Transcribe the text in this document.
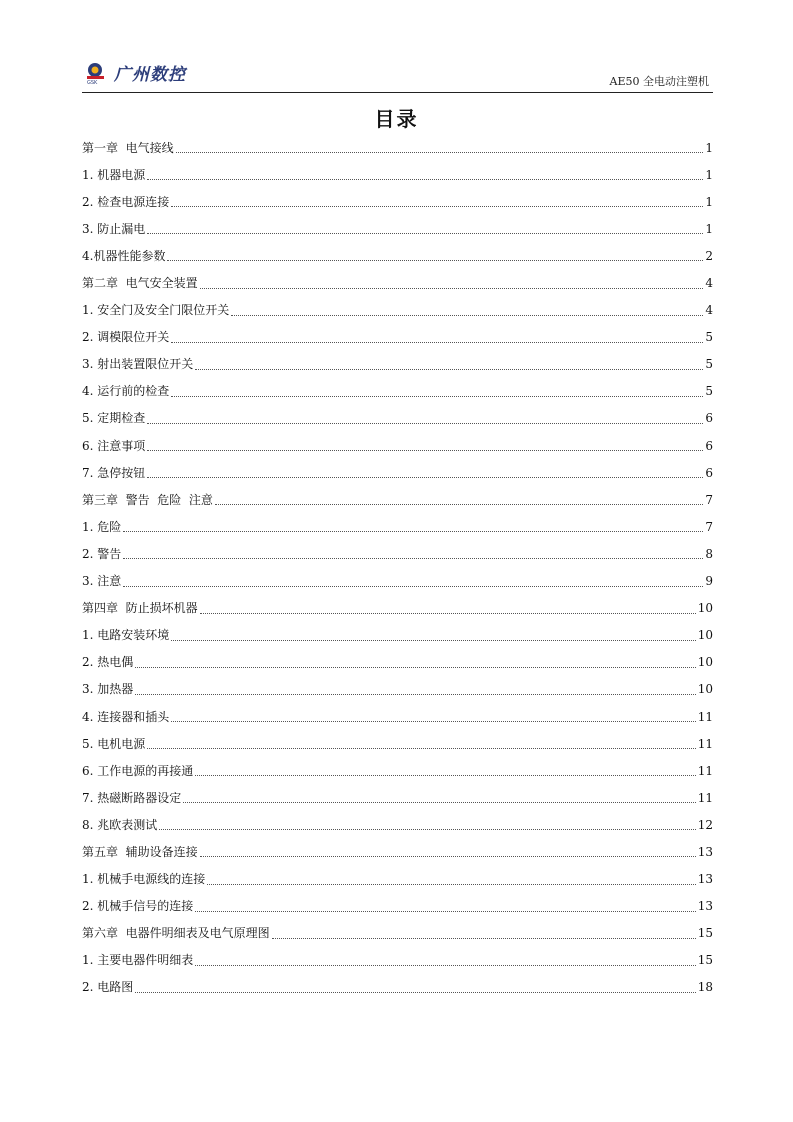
GSK 广州数控	AE50 全电动注塑机
目录
第一章  电气接线	1
1. 机器电源	1
2. 检查电源连接	1
3. 防止漏电	1
4.机器性能参数	2
第二章  电气安全装置	4
1. 安全门及安全门限位开关	4
2. 调模限位开关	5
3. 射出装置限位开关	5
4. 运行前的检查	5
5. 定期检查	6
6. 注意事项	6
7. 急停按钮	6
第三章  警告  危险  注意	7
1. 危险	7
2. 警告	8
3. 注意	9
第四章  防止损坏机器	10
1. 电路安装环境	10
2. 热电偶	10
3. 加热器	10
4. 连接器和插头	11
5. 电机电源	11
6. 工作电源的再接通	11
7. 热磁断路器设定	11
8. 兆欧表测试	12
第五章  辅助设备连接	13
1. 机械手电源线的连接	13
2. 机械手信号的连接	13
第六章  电器件明细表及电气原理图	15
1. 主要电器件明细表	15
2. 电路图	18
